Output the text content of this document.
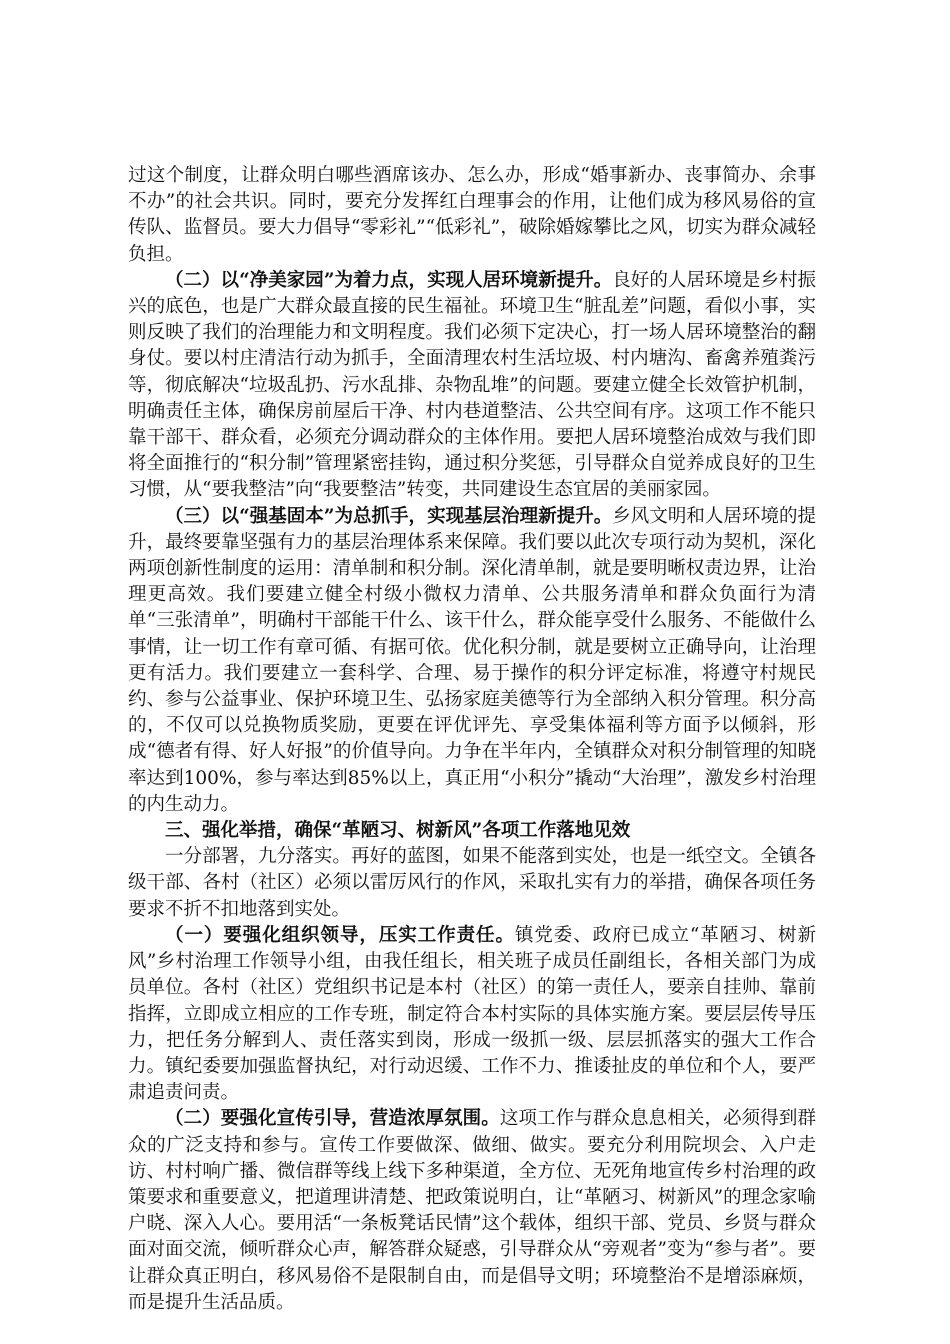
过这个制度，让群众明白哪些酒席该办、怎么办，形成“婚事新办、丧事简办、余事不办”的社会共识。同时，要充分发挥红白理事会的作用，让他们成为移风易俗的宣传队、监督员。要大力倡导“零彩礼”“低彩礼”，破除婚嫁攀比之风，切实为群众减轻负担。

（二）以“净美家园”为着力点，实现人居环境新提升。良好的人居环境是乡村振兴的底色，也是广大群众最直接的民生福祉。环境卫生“脏乱差”问题，看似小事，实则反映了我们的治理能力和文明程度。我们必须下定决心，打一场人居环境整治的翻身仗。要以村庄清洁行动为抓手，全面清理农村生活垃圾、村内塘沟、畜禽养殖粪污等，彻底解决“垃圾乱扔、污水乱排、杂物乱堆”的问题。要建立健全长效管护机制，明确责任主体，确保房前屋后干净、村内巷道整洁、公共空间有序。这项工作不能只靠干部干、群众看，必须充分调动群众的主体作用。要把人居环境整治成效与我们即将全面推行的“积分制”管理紧密挂钩，通过积分奖惩，引导群众自觉养成良好的卫生习惯，从“要我整洁”向“我要整洁”转变，共同建设生态宜居的美丽家园。

（三）以“强基固本”为总抓手，实现基层治理新提升。乡风文明和人居环境的提升，最终要靠坚强有力的基层治理体系来保障。我们要以此次专项行动为契机，深化两项创新性制度的运用：清单制和积分制。深化清单制，就是要明晰权责边界，让治理更高效。我们要建立健全村级小微权力清单、公共服务清单和群众负面行为清单“三张清单”，明确村干部能干什么、该干什么，群众能享受什么服务、不能做什么事情，让一切工作有章可循、有据可依。优化积分制，就是要树立正确导向，让治理更有活力。我们要建立一套科学、合理、易于操作的积分评定标准，将遵守村规民约、参与公益事业、保护环境卫生、弘扬家庭美德等行为全部纳入积分管理。积分高的，不仅可以兑换物质奖励，更要在评优评先、享受集体福利等方面予以倾斜，形成“德者有得、好人好报”的价值导向。力争在半年内，全镇群众对积分制管理的知晓率达到100%，参与率达到85%以上，真正用“小积分”撬动“大治理”，激发乡村治理的内生动力。

三、强化举措，确保“革陋习、树新风”各项工作落地见效

一分部署，九分落实。再好的蓝图，如果不能落到实处，也是一纸空文。全镇各级干部、各村（社区）必须以雷厉风行的作风，采取扎实有力的举措，确保各项任务要求不折不扣地落到实处。

（一）要强化组织领导，压实工作责任。镇党委、政府已成立“革陋习、树新风”乡村治理工作领导小组，由我任组长，相关班子成员任副组长，各相关部门为成员单位。各村（社区）党组织书记是本村（社区）的第一责任人，要亲自挂帅、靠前指挥，立即成立相应的工作专班，制定符合本村实际的具体实施方案。要层层传导压力，把任务分解到人、责任落实到岗，形成一级抓一级、层层抓落实的强大工作合力。镇纪委要加强监督执纪，对行动迟缓、工作不力、推诿扯皮的单位和个人，要严肃追责问责。

（二）要强化宣传引导，营造浓厚氛围。这项工作与群众息息相关，必须得到群众的广泛支持和参与。宣传工作要做深、做细、做实。要充分利用院坝会、入户走访、村村响广播、微信群等线上线下多种渠道，全方位、无死角地宣传乡村治理的政策要求和重要意义，把道理讲清楚、把政策说明白，让“革陋习、树新风”的理念家喻户晓、深入人心。要用活“一条板凳话民情”这个载体，组织干部、党员、乡贤与群众面对面交流，倾听群众心声，解答群众疑惑，引导群众从“旁观者”变为“参与者”。要让群众真正明白，移风易俗不是限制自由，而是倡导文明；环境整治不是增添麻烦，而是提升生活品质。
